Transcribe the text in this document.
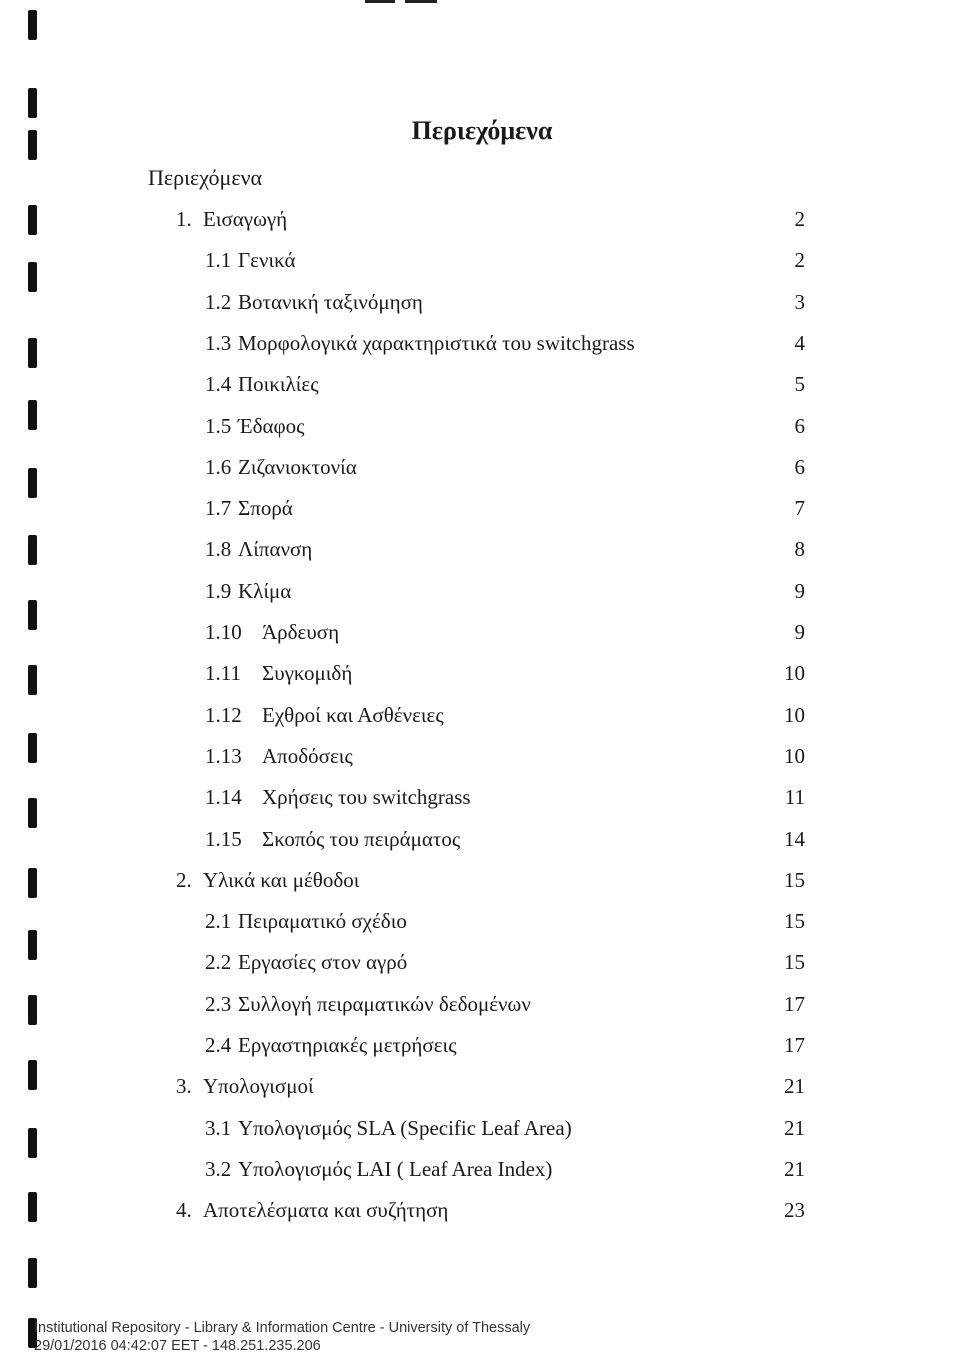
Περιεχόμενα
Περιεχόμενα
1. Εισαγωγή	2
1.1 Γενικά	2
1.2 Βοτανική ταξινόμηση	3
1.3 Μορφολογικά χαρακτηριστικά του switchgrass	4
1.4 Ποικιλίες	5
1.5 Έδαφος	6
1.6 Ζιζανιοκτονία	6
1.7 Σπορά	7
1.8 Λίπανση	8
1.9 Κλίμα	9
1.10 Άρδευση	9
1.11 Συγκομιδή	10
1.12 Εχθροί και Ασθένειες	10
1.13 Αποδόσεις	10
1.14 Χρήσεις του switchgrass	11
1.15 Σκοπός του πειράματος	14
2. Υλικά και μέθοδοι	15
2.1 Πειραματικό σχέδιο	15
2.2 Εργασίες στον αγρό	15
2.3 Συλλογή πειραματικών δεδομένων	17
2.4 Εργαστηριακές μετρήσεις	17
3. Υπολογισμοί	21
3.1 Υπολογισμός SLA (Specific Leaf Area)	21
3.2 Υπολογισμός LAI ( Leaf Area Index)	21
4. Αποτελέσματα και συζήτηση	23
Institutional Repository - Library & Information Centre - University of Thessaly
29/01/2016 04:42:07 EET - 148.251.235.206
